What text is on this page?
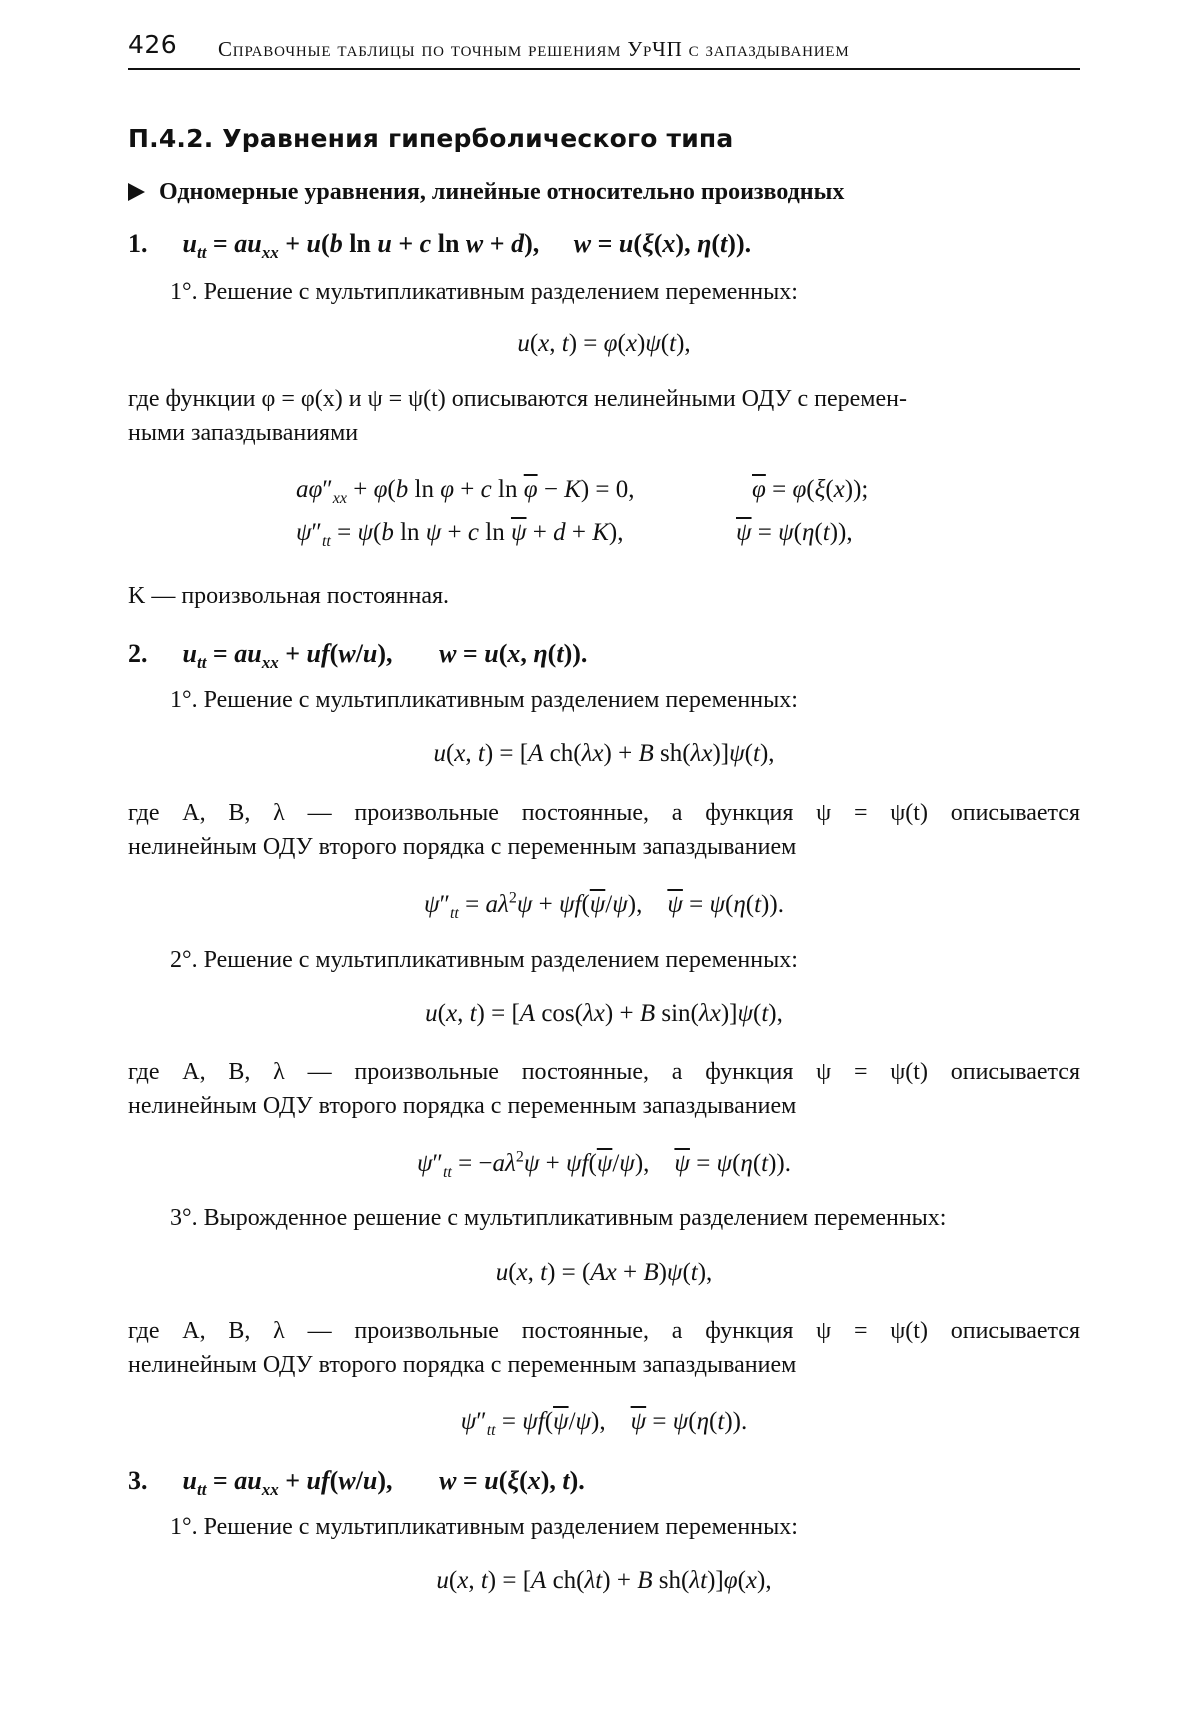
426 Справочные таблицы по точным решениям УрЧП с запаздыванием
П.4.2. Уравнения гиперболического типа
Одномерные уравнения, линейные относительно производных
1. $u_{tt} = au_{xx} + u(b$ ln u + c ln w + d), w = u(ξ(x), η(t)).
1°. Решение с мультипликативным разделением переменных:
u(x, t) = φ(x)ψ(t),
где функции φ = φ(x) и ψ = ψ(t) описываются нелинейными ОДУ с перемен-
ными запаздываниями
$a\varphi''_{xx} + \varphi(b$ ln φ + c $\ln \overline{\varphi} - K) = 0$,	$\overline{\varphi} = \varphi(\xi(x))$;
$\psi''_{tt} = \psi(b$ ln ψ + c $\ln \overline{\psi} + d + K$),	$\overline{\psi} = \psi(\eta(t))$,
K — произвольная постоянная.
2. $u_{tt} = au_{xx} + uf(w/u)$, w = u(x, η(t)).
1°. Решение с мультипликативным разделением переменных:
u(x, t) = [A ch(λx) + B sh(λx)]ψ(t),
где A, B, λ — произвольные постоянные, а функция ψ = ψ(t) описывается
нелинейным ОДУ второго порядка с переменным запаздыванием
$\psi''_{tt} = a\lambda^2\psi + \psi f(\overline{\psi}/\psi)$,    $\overline{\psi} = \psi(\eta(t))$.
2°. Решение с мультипликативным разделением переменных:
u(x, t) = [A cos(λx) + B sin(λx)]ψ(t),
где A, B, λ — произвольные постоянные, а функция ψ = ψ(t) описывается
нелинейным ОДУ второго порядка с переменным запаздыванием
$\psi''_{tt} = -a\lambda^2\psi + \psi f(\overline{\psi}/\psi)$,    $\overline{\psi} = \psi(\eta(t))$.
3°. Вырожденное решение с мультипликативным разделением переменных:
u(x, t) = (Ax + B)ψ(t),
где A, B, λ — произвольные постоянные, а функция ψ = ψ(t) описывается
нелинейным ОДУ второго порядка с переменным запаздыванием
$\psi''_{tt} = \psi f(\overline{\psi}/\psi)$,    $\overline{\psi} = \psi(\eta(t))$.
3. $u_{tt} = au_{xx} + uf(w/u)$, w = u(ξ(x), t).
1°. Решение с мультипликативным разделением переменных:
u(x, t) = [A ch(λt) + B sh(λt)]φ(x),
